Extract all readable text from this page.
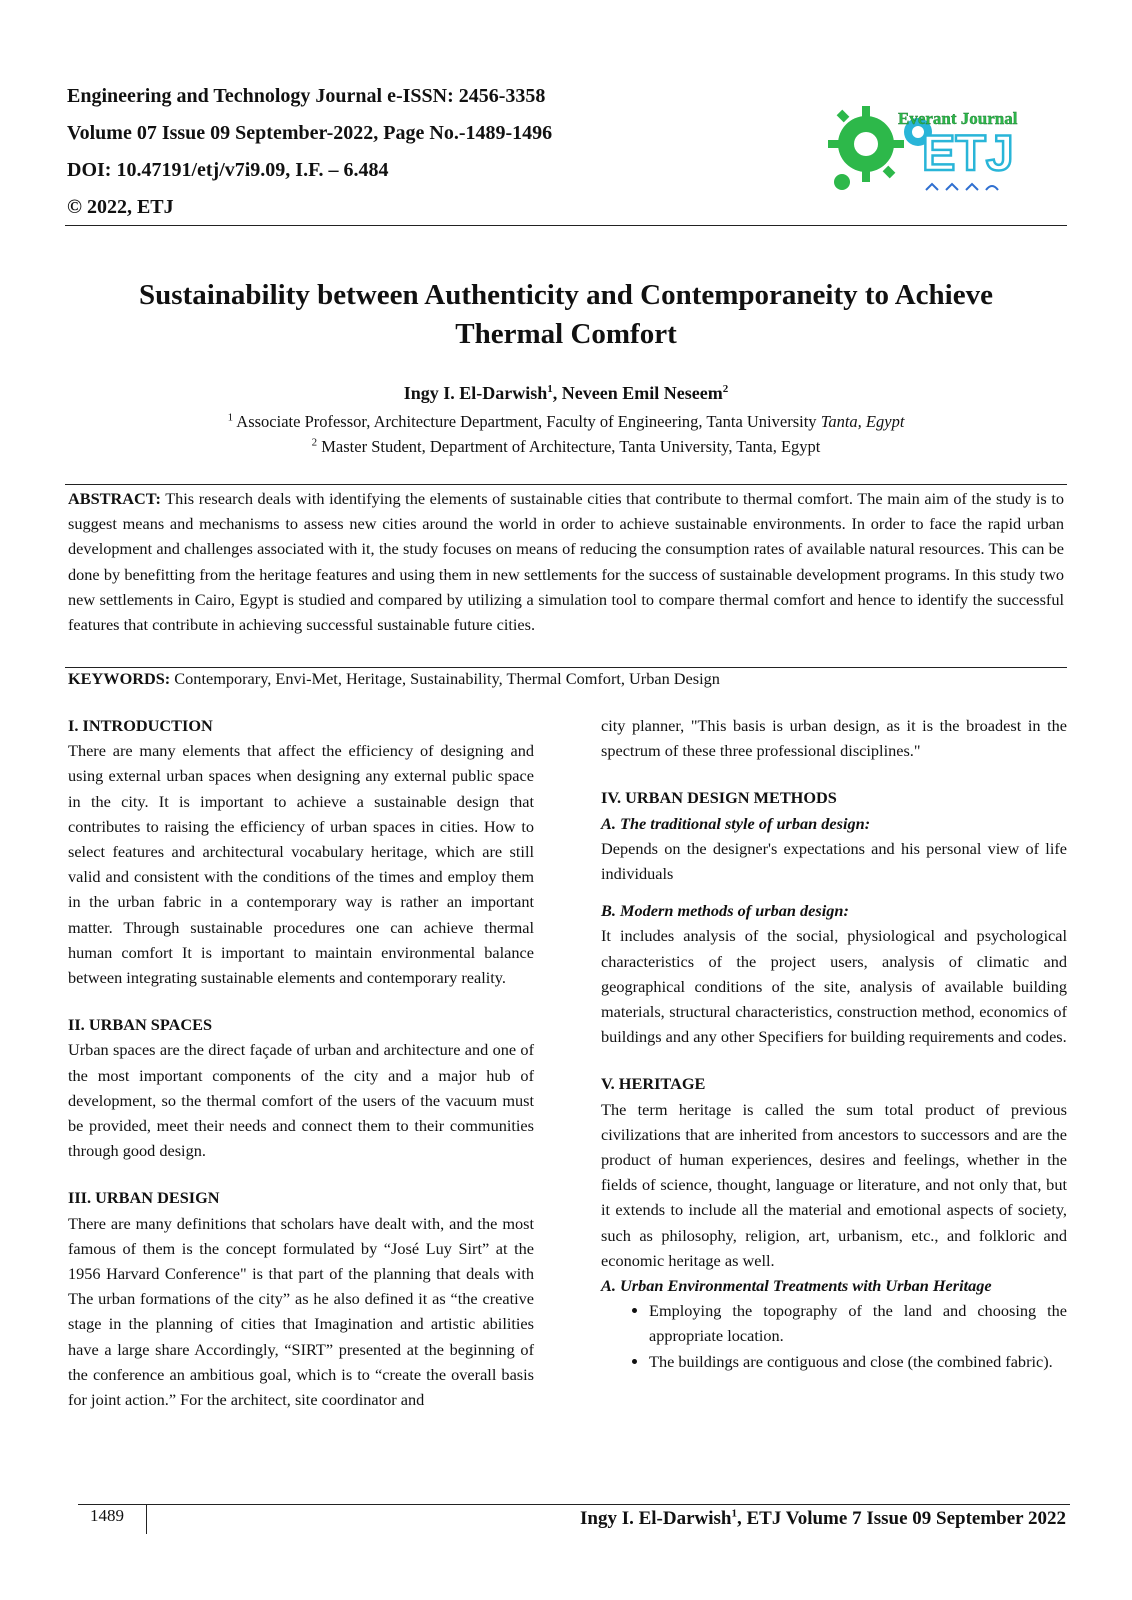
Engineering and Technology Journal e-ISSN: 2456-3358

Volume 07 Issue 09 September-2022, Page No.-1489-1496

DOI: 10.47191/etj/v7i9.09, I.F. – 6.484

© 2022, ETJ

Everant Journal
ETJ
Sustainability between Authenticity and Contemporaneity to Achieve
Thermal Comfort
Ingy I. El-Darwish$^1$, Neveen Emil Neseem$^2$
$^1$ Associate Professor, Architecture Department, Faculty of Engineering, Tanta University Tanta, Egypt
$^2$ Master Student, Department of Architecture, Tanta University, Tanta, Egypt

ABSTRACT: This research deals with identifying the elements of sustainable cities that contribute to thermal comfort. The main aim of the study is to suggest means and mechanisms to assess new cities around the world in order to achieve sustainable environments. In order to face the rapid urban development and challenges associated with it, the study focuses on means of reducing the consumption rates of available natural resources. This can be done by benefitting from the heritage features and using them in new settlements for the success of sustainable development programs. In this study two new settlements in Cairo, Egypt is studied and compared by utilizing a simulation tool to compare thermal comfort and hence to identify the successful features that contribute in achieving successful sustainable future cities.

KEYWORDS: Contemporary, Envi-Met, Heritage, Sustainability, Thermal Comfort, Urban Design

I. INTRODUCTION

There are many elements that affect the efficiency of designing and using external urban spaces when designing any external public space in the city. It is important to achieve a sustainable design that contributes to raising the efficiency of urban spaces in cities. How to select features and architectural vocabulary heritage, which are still valid and consistent with the conditions of the times and employ them in the urban fabric in a contemporary way is rather an important matter. Through sustainable procedures one can achieve thermal human comfort It is important to maintain environmental balance between integrating sustainable elements and contemporary reality.

II. URBAN SPACES

Urban spaces are the direct façade of urban and architecture and one of the most important components of the city and a major hub of development, so the thermal comfort of the users of the vacuum must be provided, meet their needs and connect them to their communities through good design.

III. URBAN DESIGN

There are many definitions that scholars have dealt with, and the most famous of them is the concept formulated by “José Luy Sirt” at the 1956 Harvard Conference" is that part of the planning that deals with The urban formations of the city” as he also defined it as “the creative stage in the planning of cities that Imagination and artistic abilities have a large share Accordingly, “SIRT” presented at the beginning of the conference an ambitious goal, which is to “create the overall basis for joint action.” For the architect, site coordinator and

city planner, "This basis is urban design, as it is the broadest in the spectrum of these three professional disciplines."

IV. URBAN DESIGN METHODS
A. The traditional style of urban design:

Depends on the designer's expectations and his personal view of life individuals

B. Modern methods of urban design:

It includes analysis of the social, physiological and psychological characteristics of the project users, analysis of climatic and geographical conditions of the site, analysis of available building materials, structural characteristics, construction method, economics of buildings and any other Specifiers for building requirements and codes.

V. HERITAGE

The term heritage is called the sum total product of previous civilizations that are inherited from ancestors to successors and are the product of human experiences, desires and feelings, whether in the fields of science, thought, language or literature, and not only that, but it extends to include all the material and emotional aspects of society, such as philosophy, religion, art, urbanism, etc., and folkloric and economic heritage as well.

A. Urban Environmental Treatments with Urban Heritage
• Employing the topography of the land and choosing the appropriate location.
• The buildings are contiguous and close (the combined fabric).
1489	Ingy I. El-Darwish$^1$, ETJ Volume 7 Issue 09 September 2022
